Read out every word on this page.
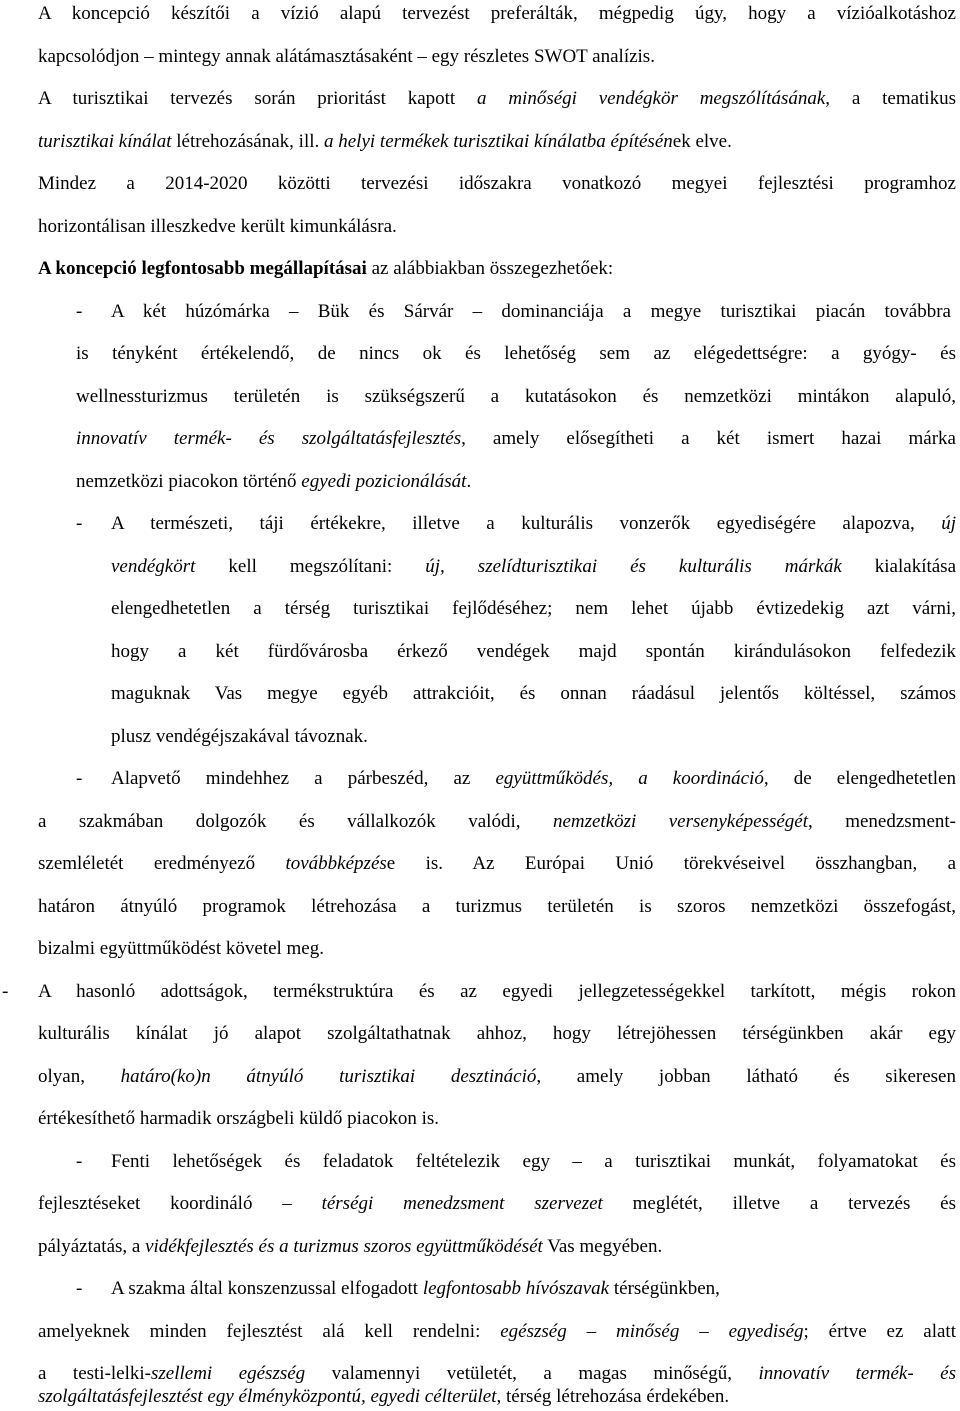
A koncepció készítői a vízió alapú tervezést preferálták, mégpedig úgy, hogy a vízióalkotáshoz
kapcsolódjon – mintegy annak alátámasztásaként – egy részletes SWOT analízis.
A turisztikai tervezés során prioritást kapott a minőségi vendégkör megszólításának, a tematikus
turisztikai kínálat létrehozásának, ill. a helyi termékek turisztikai kínálatba építésének elve.
Mindez a 2014-2020 közötti tervezési időszakra vonatkozó megyei fejlesztési programhoz
horizontálisan illeszkedve került kimunkálásra.
A koncepció legfontosabb megállapításai az alábbiakban összegezhetőek:
- A két húzómárka – Bük és Sárvár – dominanciája a megye turisztikai piacán továbbra
is tényként értékelendő, de nincs ok és lehetőség sem az elégedettségre: a gyógy- és
wellnessturizmus területén is szükségszerű a kutatásokon és nemzetközi mintákon alapuló,
innovatív termék- és szolgáltatásfejlesztés, amely elősegítheti a két ismert hazai márka
nemzetközi piacokon történő egyedi pozicionálását.
- A természeti, táji értékekre, illetve a kulturális vonzerők egyediségére alapozva, új
vendégkört kell megszólítani: új, szelídturisztikai és kulturális márkák kialakítása
elengedhetetlen a térség turisztikai fejlődéséhez; nem lehet újabb évtizedekig azt várni,
hogy a két fürdővárosba érkező vendégek majd spontán kirándulásokon felfedezik
maguknak Vas megye egyéb attrakcióit, és onnan ráadásul jelentős költéssel, számos
plusz vendégéjszakával távoznak.
- Alapvető mindehhez a párbeszéd, az együttműködés, a koordináció, de elengedhetetlen
a szakmában dolgozók és vállalkozók valódi, nemzetközi versenyképességét, menedzsment-
szemléletét eredményező továbbképzése is. Az Európai Unió törekvéseivel összhangban, a
határon átnyúló programok létrehozása a turizmus területén is szoros nemzetközi összefogást,
bizalmi együttműködést követel meg.
- A hasonló adottságok, termékstruktúra és az egyedi jellegzetességekkel tarkított, mégis rokon
kulturális kínálat jó alapot szolgáltathatnak ahhoz, hogy létrejöhessen térségünkben akár egy
olyan, határo(ko)n átnyúló turisztikai desztináció, amely jobban látható és sikeresen
értékesíthető harmadik országbeli küldő piacokon is.
- Fenti lehetőségek és feladatok feltételezik egy – a turisztikai munkát, folyamatokat és
fejlesztéseket koordináló – térségi menedzsment szervezet meglétét, illetve a tervezés és
pályáztatás, a vidékfejlesztés és a turizmus szoros együttműködését Vas megyében.
- A szakma által konszenzussal elfogadott legfontosabb hívószavak térségünkben,
amelyeknek minden fejlesztést alá kell rendelni: egészség – minőség – egyediség; értve ez alatt
a testi-lelki-szellemi egészség valamennyi vetületét, a magas minőségű, innovatív termék- és
szolgáltatásfejlesztést egy élményközpontú, egyedi célterület, térség létrehozása érdekében.
